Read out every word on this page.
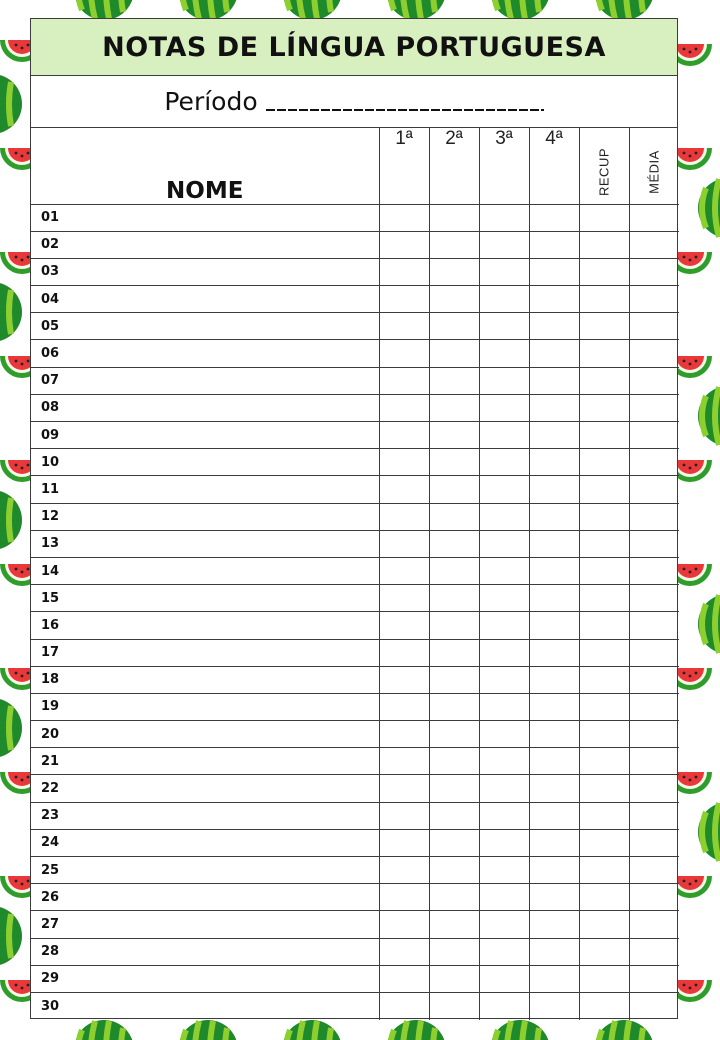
NOTAS DE LÍNGUA PORTUGUESA
Período
NOME	1ª	2ª	3ª	4ª	RECUP	MÉDIA

01						
02						
03						
04						
05						
06						
07						
08						
09						
10						
11						
12						
13						
14						
15						
16						
17						
18						
19						
20						
21						
22						
23						
24						
25						
26						
27						
28						
29						
30						
